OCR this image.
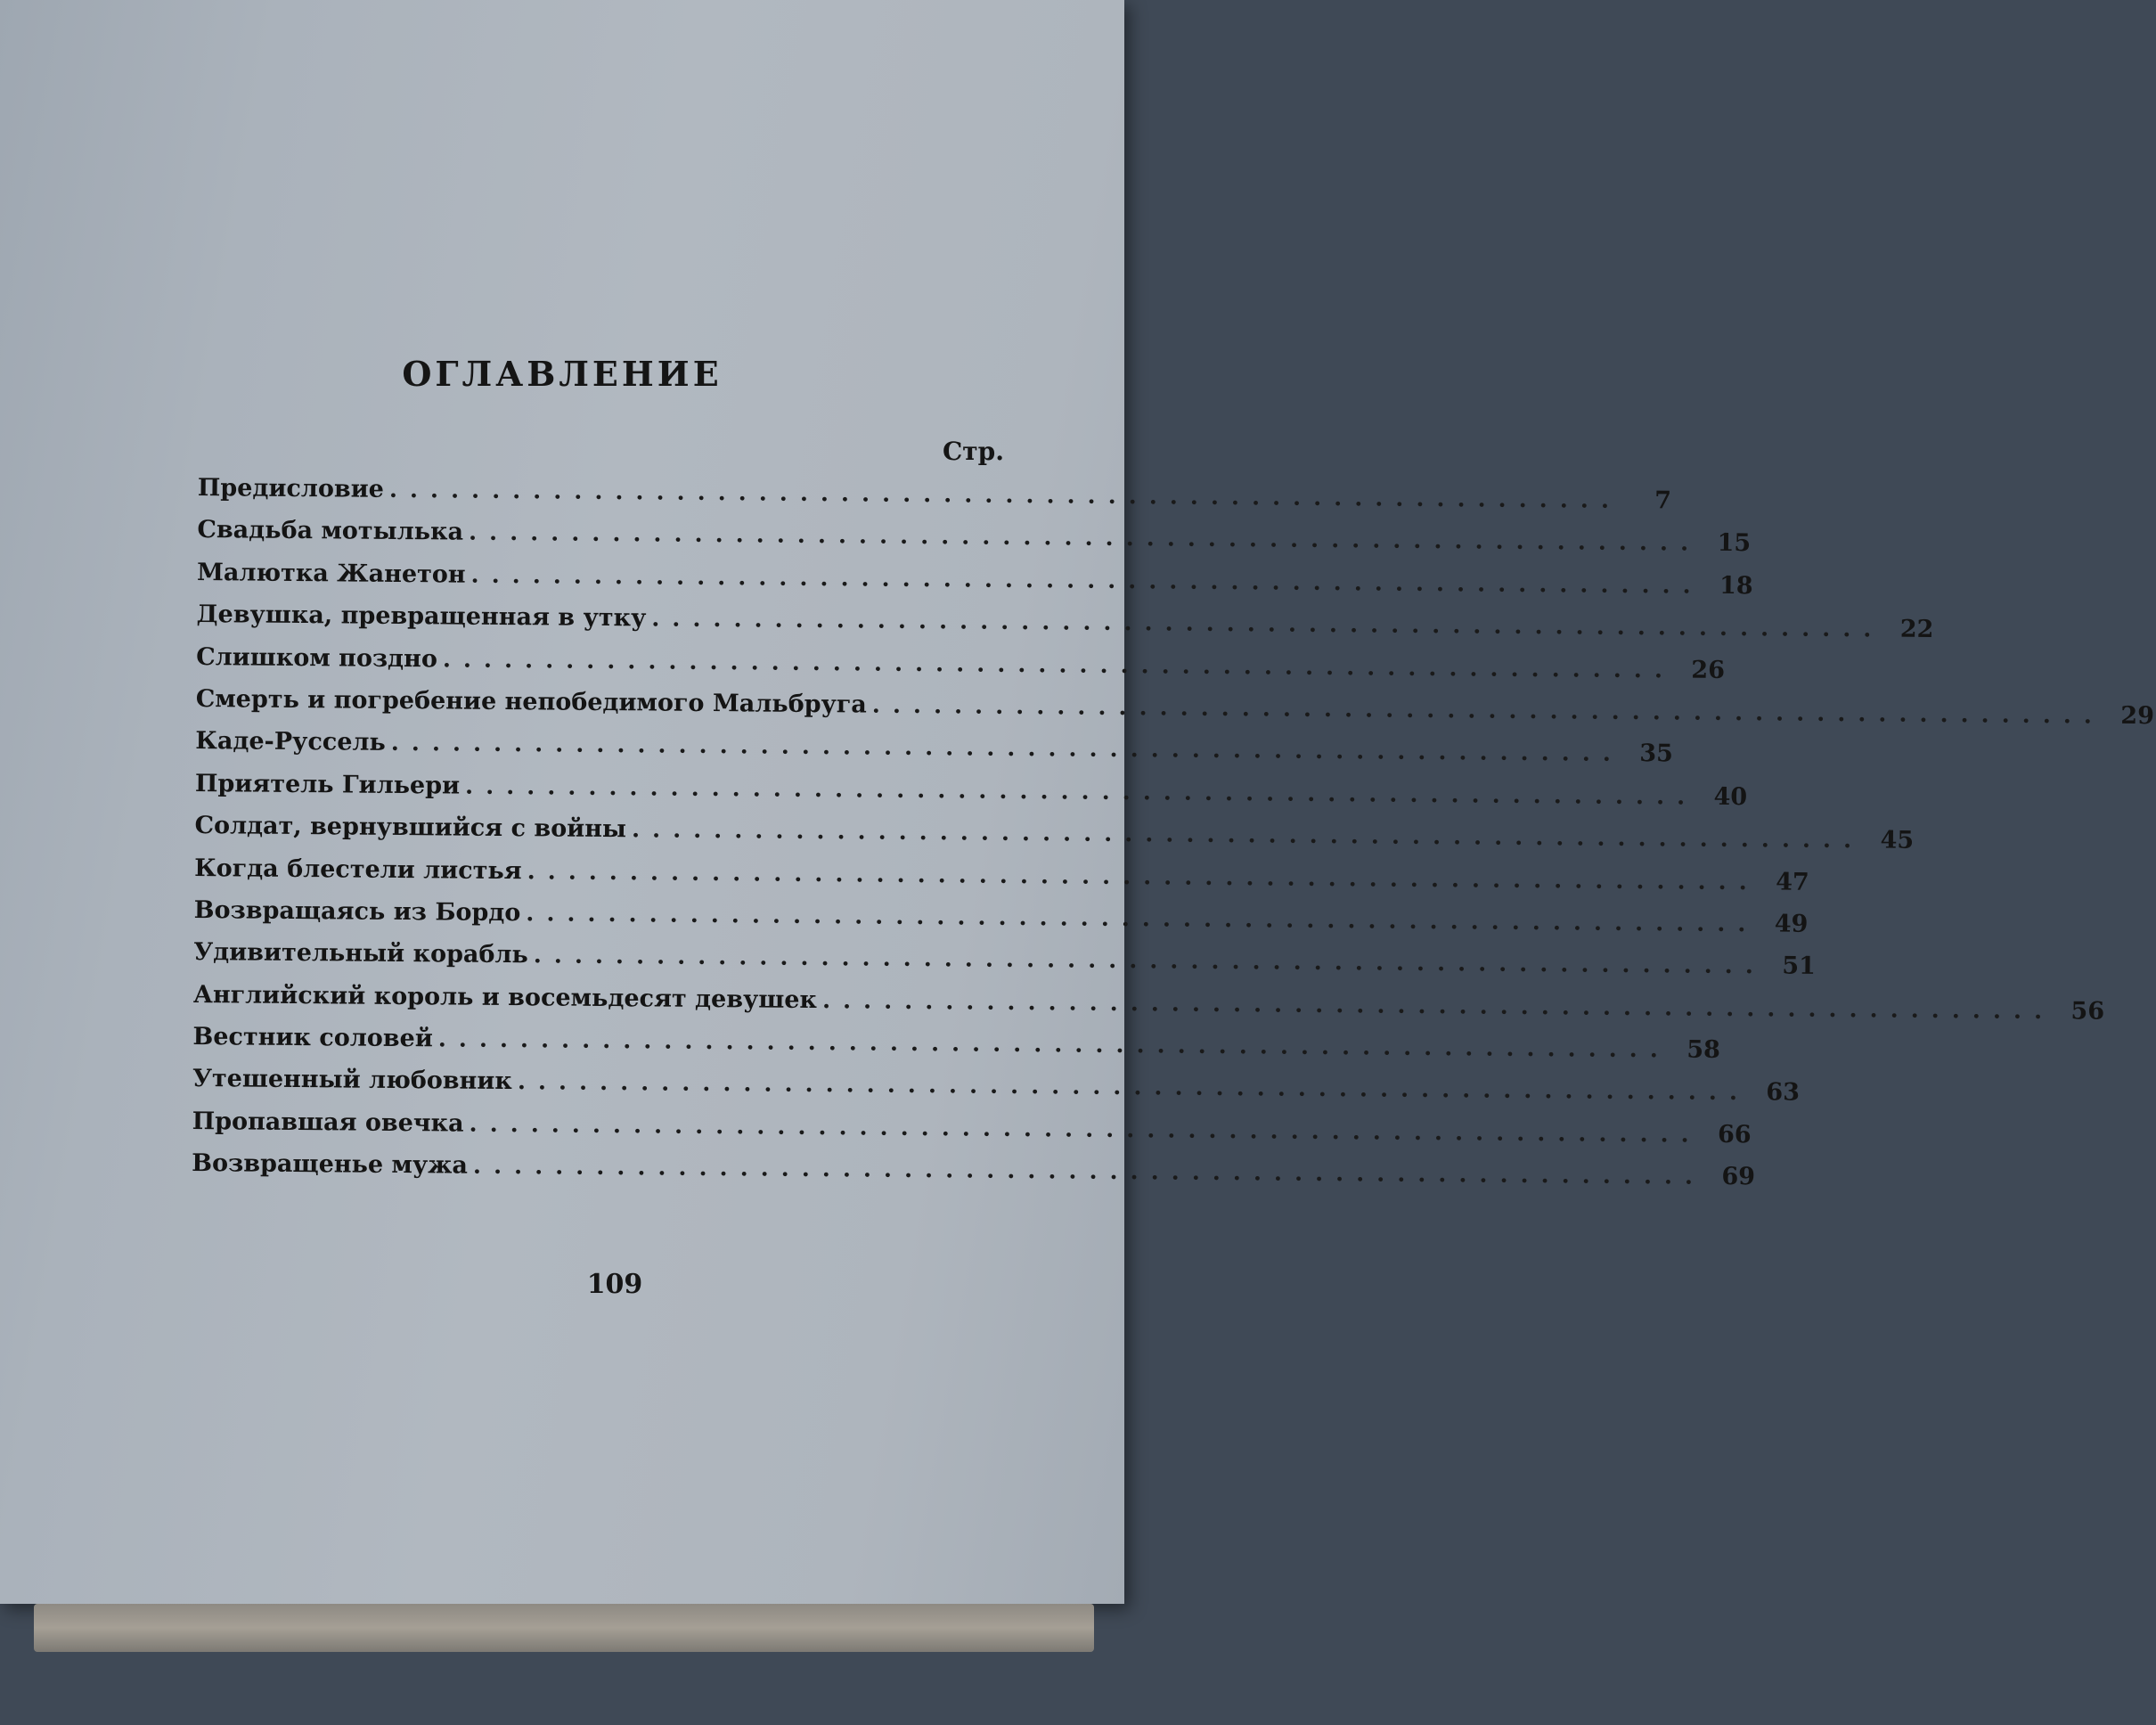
ОГЛАВЛЕНИЕ
Стр.
Предисловие ............................................................	7
Свадьба мотылька ............................................................ 15
Малютка Жанетон ............................................................ 18
Девушка, превращенная в утку ............................................................ 22
Слишком поздно ............................................................ 26
Смерть и погребение непобедимого Мальбруга ............................................................ 29
Каде-Руссель ............................................................ 35
Приятель Гильери ............................................................ 40
Солдат, вернувшийся с войны ............................................................ 45
Когда блестели листья ............................................................ 47
Возвращаясь из Бордо ............................................................ 49
Удивительный корабль ............................................................ 51
Английский король и восемьдесят девушек ............................................................ 56
Вестник соловей ............................................................ 58
Утешенный любовник ............................................................ 63
Пропавшая овечка ............................................................ 66
Возвращенье мужа ............................................................ 69
109
